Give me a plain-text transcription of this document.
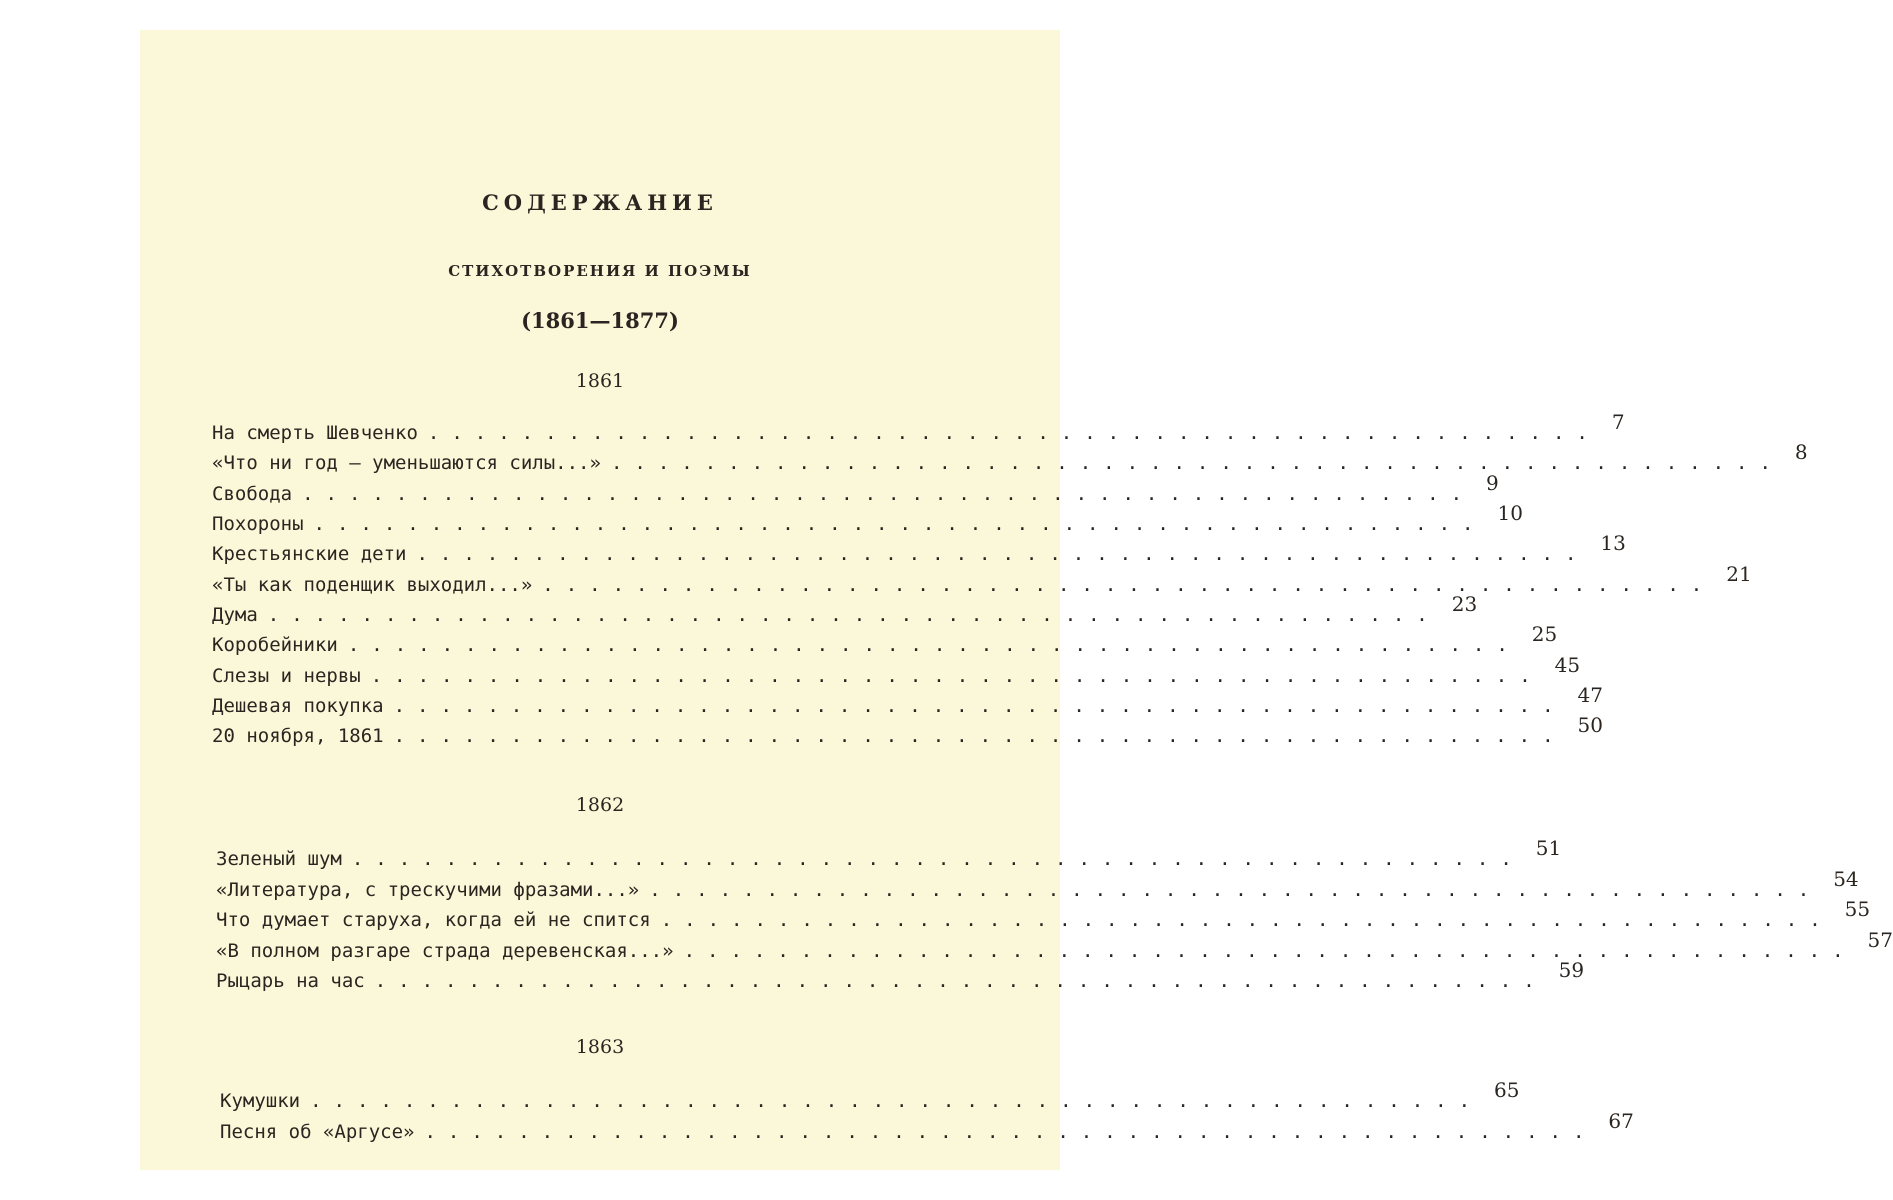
СОДЕРЖАНИЕ
СТИХОТВОРЕНИЯ И ПОЭМЫ
(1861—1877)
1861
На смерть Шевченко .................................................. 7
«Что ни год — уменьшаются силы...» .................................................. 8
Свобода .................................................. 9
Похороны .................................................. 10
Крестьянские дети .................................................. 13
«Ты как поденщик выходил...» .................................................. 21
Дума .................................................. 23
Коробейники .................................................. 25
Слезы и нервы .................................................. 45
Дешевая покупка .................................................. 47
20 ноября, 1861 .................................................. 50
1862
Зеленый шум .................................................. 51
«Литература, с трескучими фразами...» .................................................. 54
Что думает старуха, когда ей не спится .................................................. 55
«В полном разгаре страда деревенская...» .................................................. 57
Рыцарь на час .................................................. 59
1863
Кумушки .................................................. 65
Песня об «Аргусе» .................................................. 67
